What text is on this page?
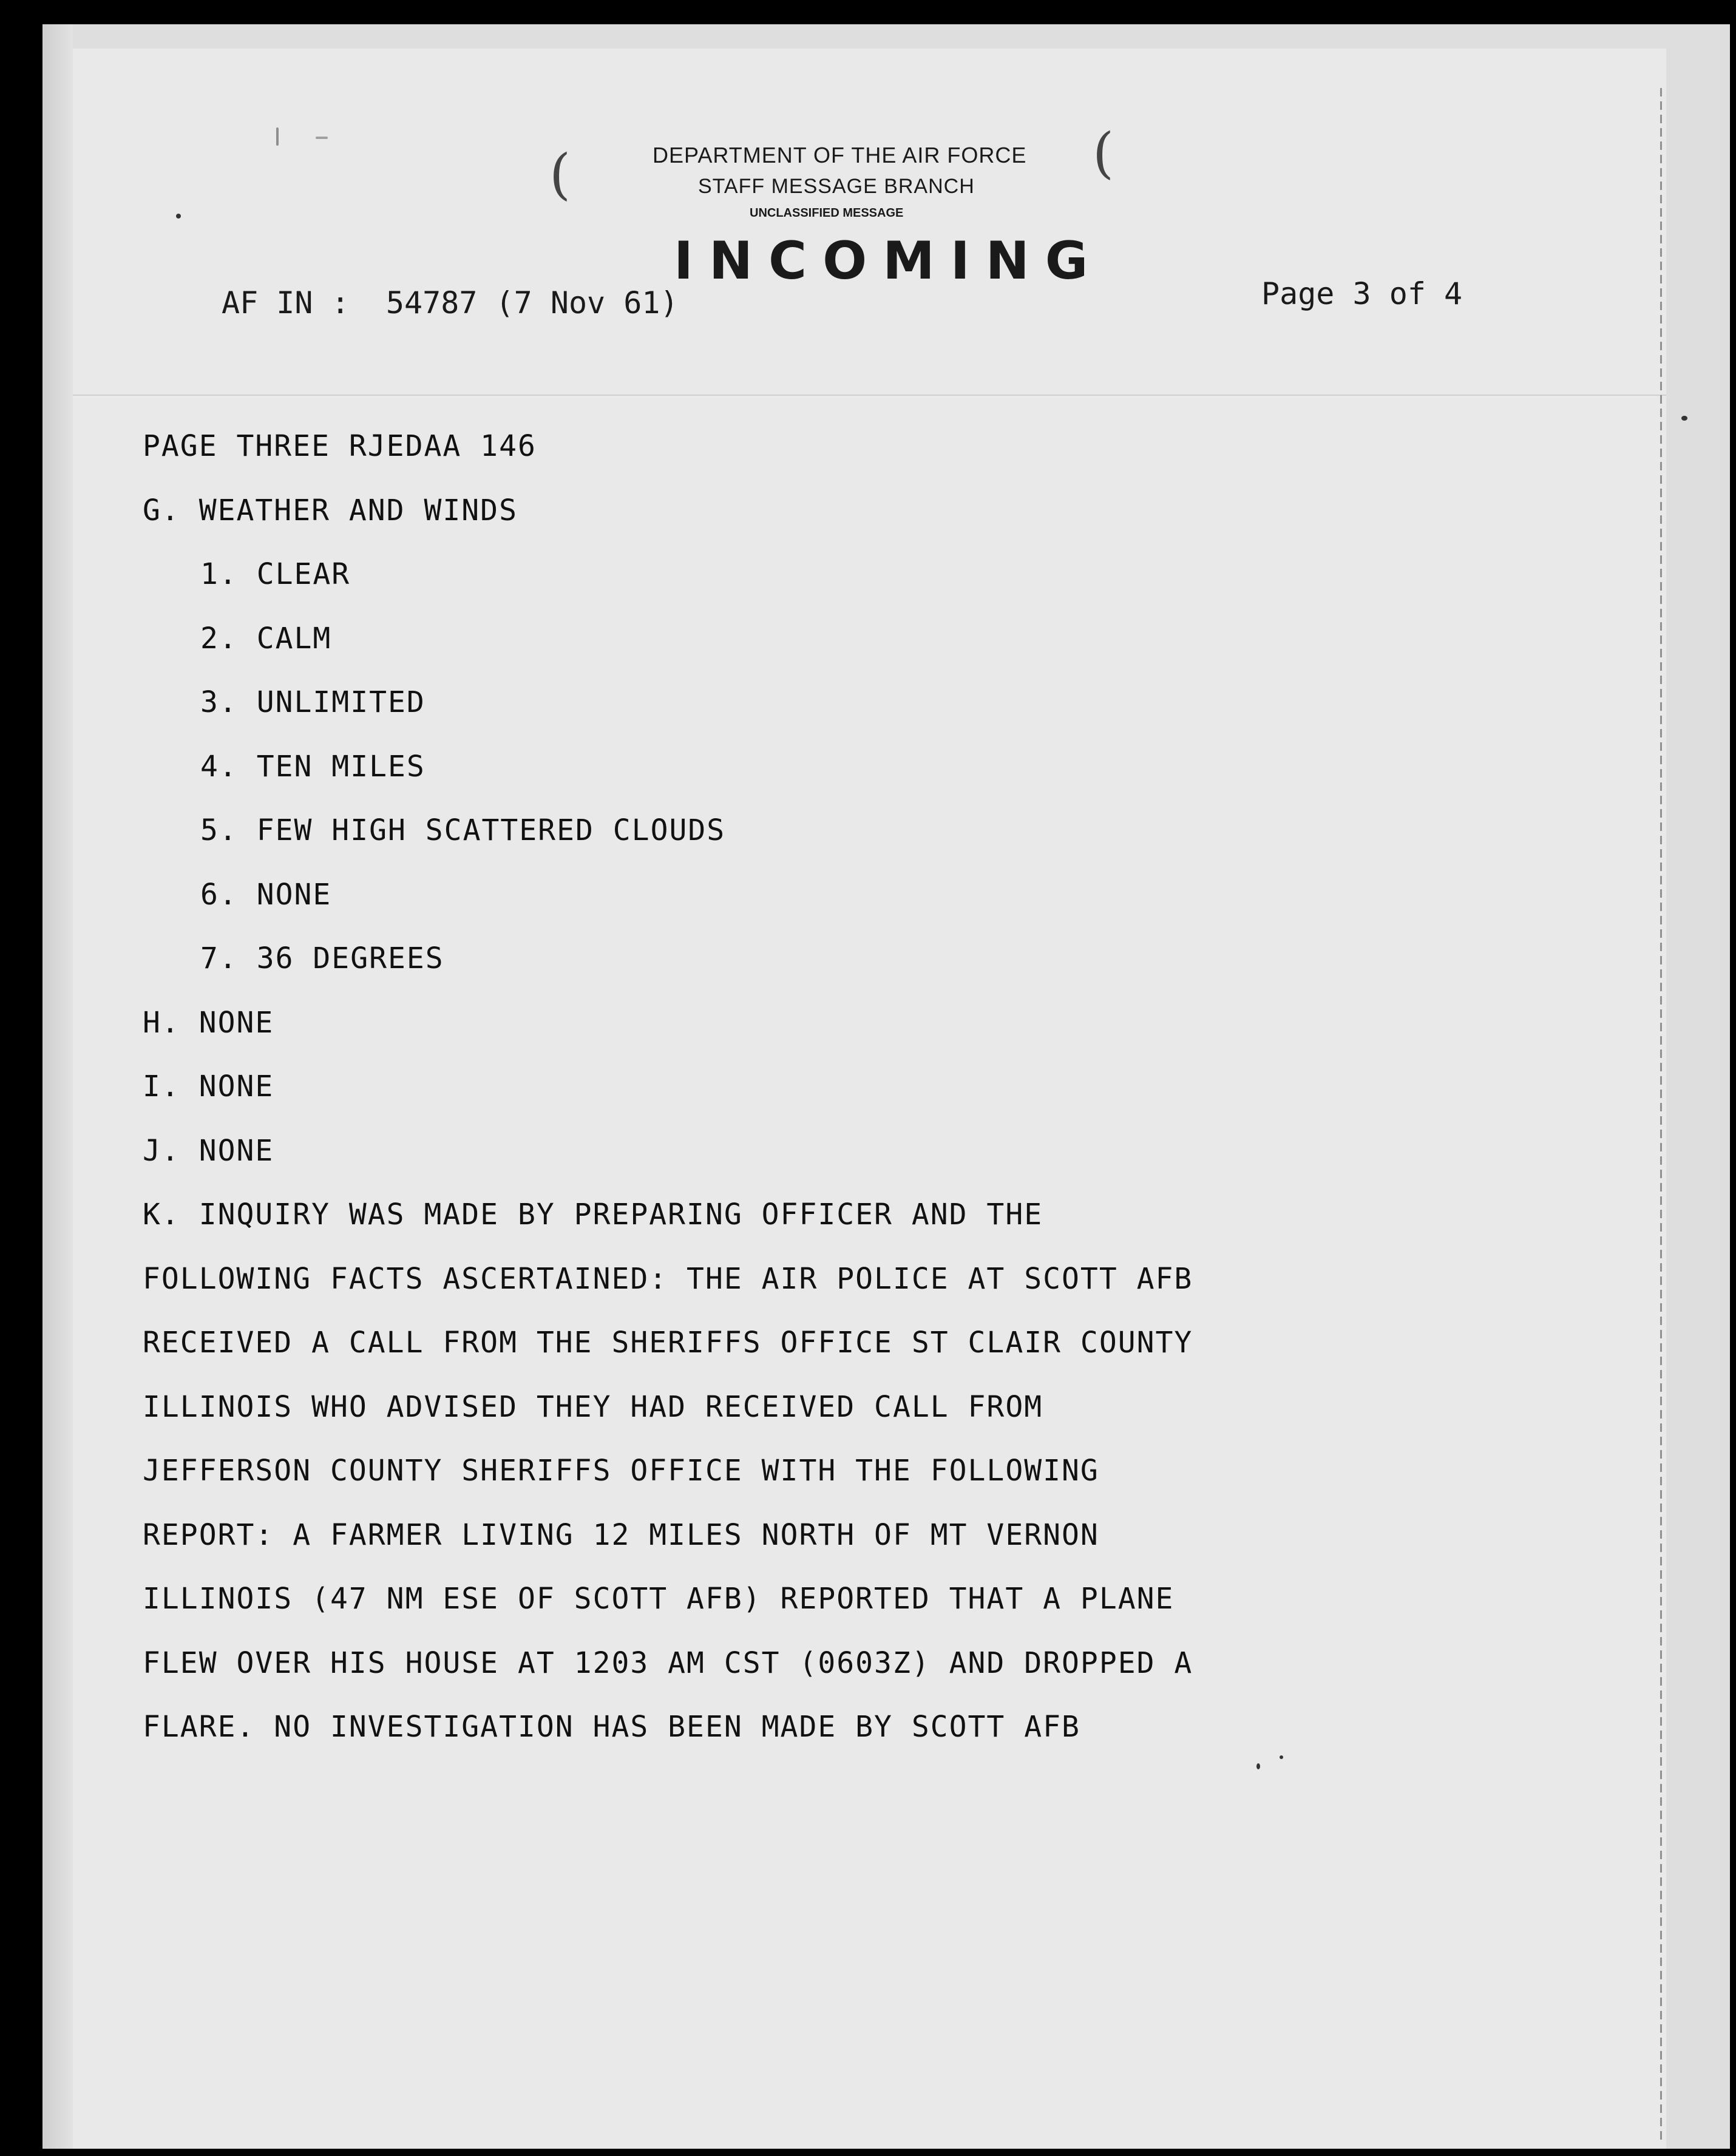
(	(
DEPARTMENT OF THE AIR FORCE
STAFF MESSAGE BRANCH
UNCLASSIFIED MESSAGE
INCOMING
AF IN :  54787 (7 Nov 61)	Page 3 of 4
PAGE THREE RJEDAA 146
G. WEATHER AND WINDS
1. CLEAR
2. CALM
3. UNLIMITED
4. TEN MILES
5. FEW HIGH SCATTERED CLOUDS
6. NONE
7. 36 DEGREES
H. NONE
I. NONE
J. NONE
K. INQUIRY WAS MADE BY PREPARING OFFICER AND THE
FOLLOWING FACTS ASCERTAINED: THE AIR POLICE AT SCOTT AFB
RECEIVED A CALL FROM THE SHERIFFS OFFICE ST CLAIR COUNTY
ILLINOIS WHO ADVISED THEY HAD RECEIVED CALL FROM
JEFFERSON COUNTY SHERIFFS OFFICE WITH THE FOLLOWING
REPORT: A FARMER LIVING 12 MILES NORTH OF MT VERNON
ILLINOIS (47 NM ESE OF SCOTT AFB) REPORTED THAT A PLANE
FLEW OVER HIS HOUSE AT 1203 AM CST (0603Z) AND DROPPED A
FLARE. NO INVESTIGATION HAS BEEN MADE BY SCOTT AFB
